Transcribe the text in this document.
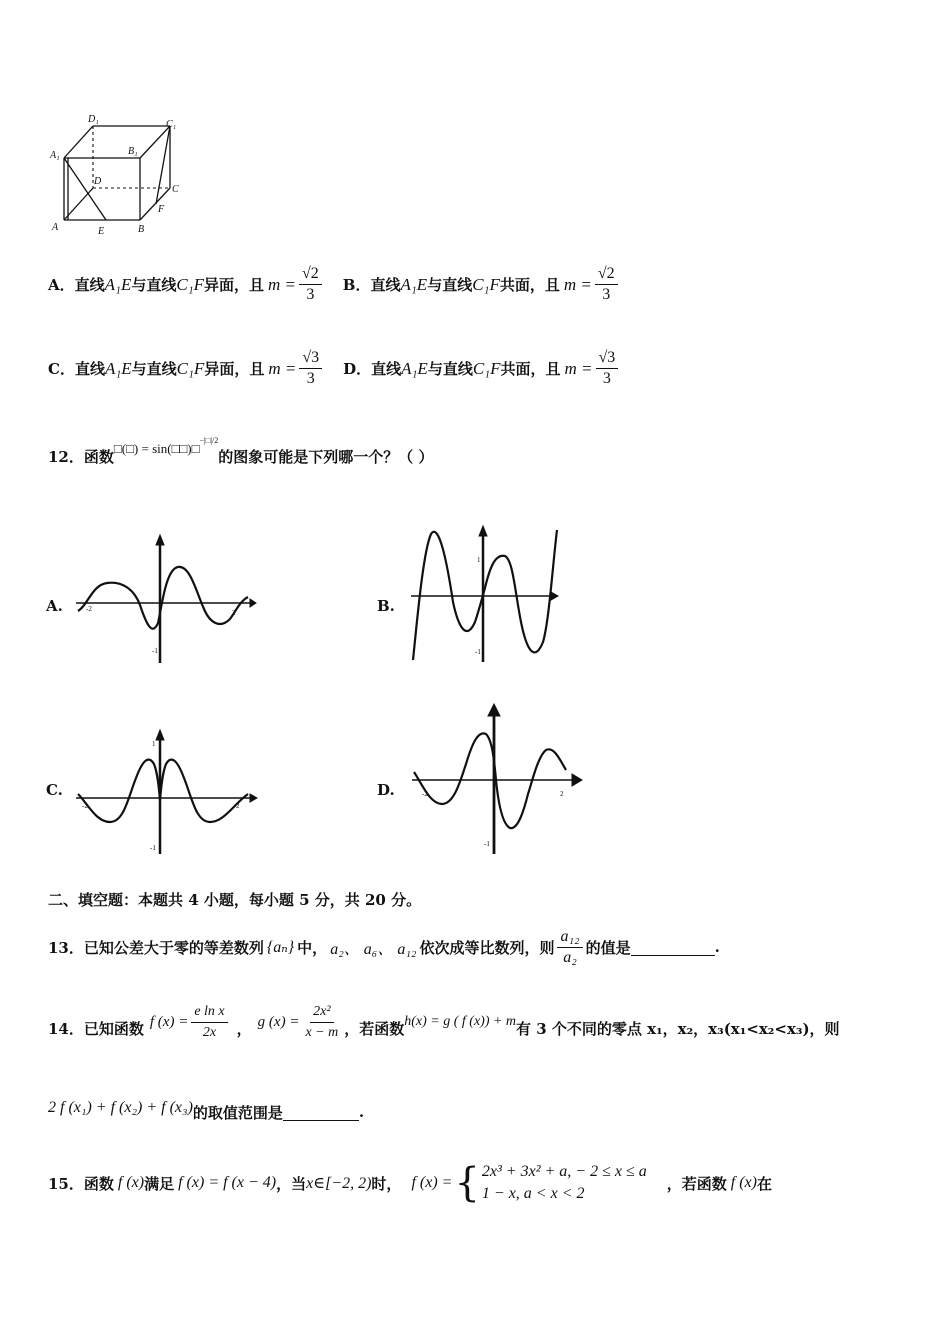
D₁	C₁
A₁	B₁
D
C
A	E	B
F
A． 直线 A₁E 与直线 C₁F 异面，且 $m = \frac{√2}{3}$ B． 直线 A₁E 与直线 C₁F 共面，且 $m = \frac{√2}{3}$
C． 直线 A₁E 与直线 C₁F 异面，且 $m = \frac{√3}{3}$ D． 直线 A₁E 与直线 C₁F 共面，且 $m = \frac{√3}{3}$
12． 函数 □(□) = sin(□□)□ −|□|/2
的图象可能是下列哪一个？（ ）
A.	B.
C.	D.
-2	2
-1
1
-1
-2	2
1
-1
-2	2
-1
二、填空题：本题共 4 小题，每小题 5 分，共 20 分。
13． 已知公差大于零的等差数列 {aₙ} 中， a₂、 a₆、 a₁₂ 依次成等比数列，则 $\frac{\text{a₁₂}}{\text{a₂}}$ 的值是	.
14． 已知函数 f $(x) = \frac{\text{e ln x}}{2x}$ ， g $(x) = \frac{\text{2x²}}{x - m}$ ，若函数 h(x) = g ( f (x)) + m 有 3 个不同的零点 x₁，x₂，x₃(x₁<x₂<x₃)，则
2 f (x₁) + f (x₂) + f (x₃) 的取值范围是	.
15． 函数 f (x) 满足 f (x) = f (x − 4) ，当 x∈[−2, 2) 时， f (x) = { 2x³ + 3x² + a, − 2 ≤ x ≤ a
1 − x, a < x < 2
，若函数 f (x) 在
